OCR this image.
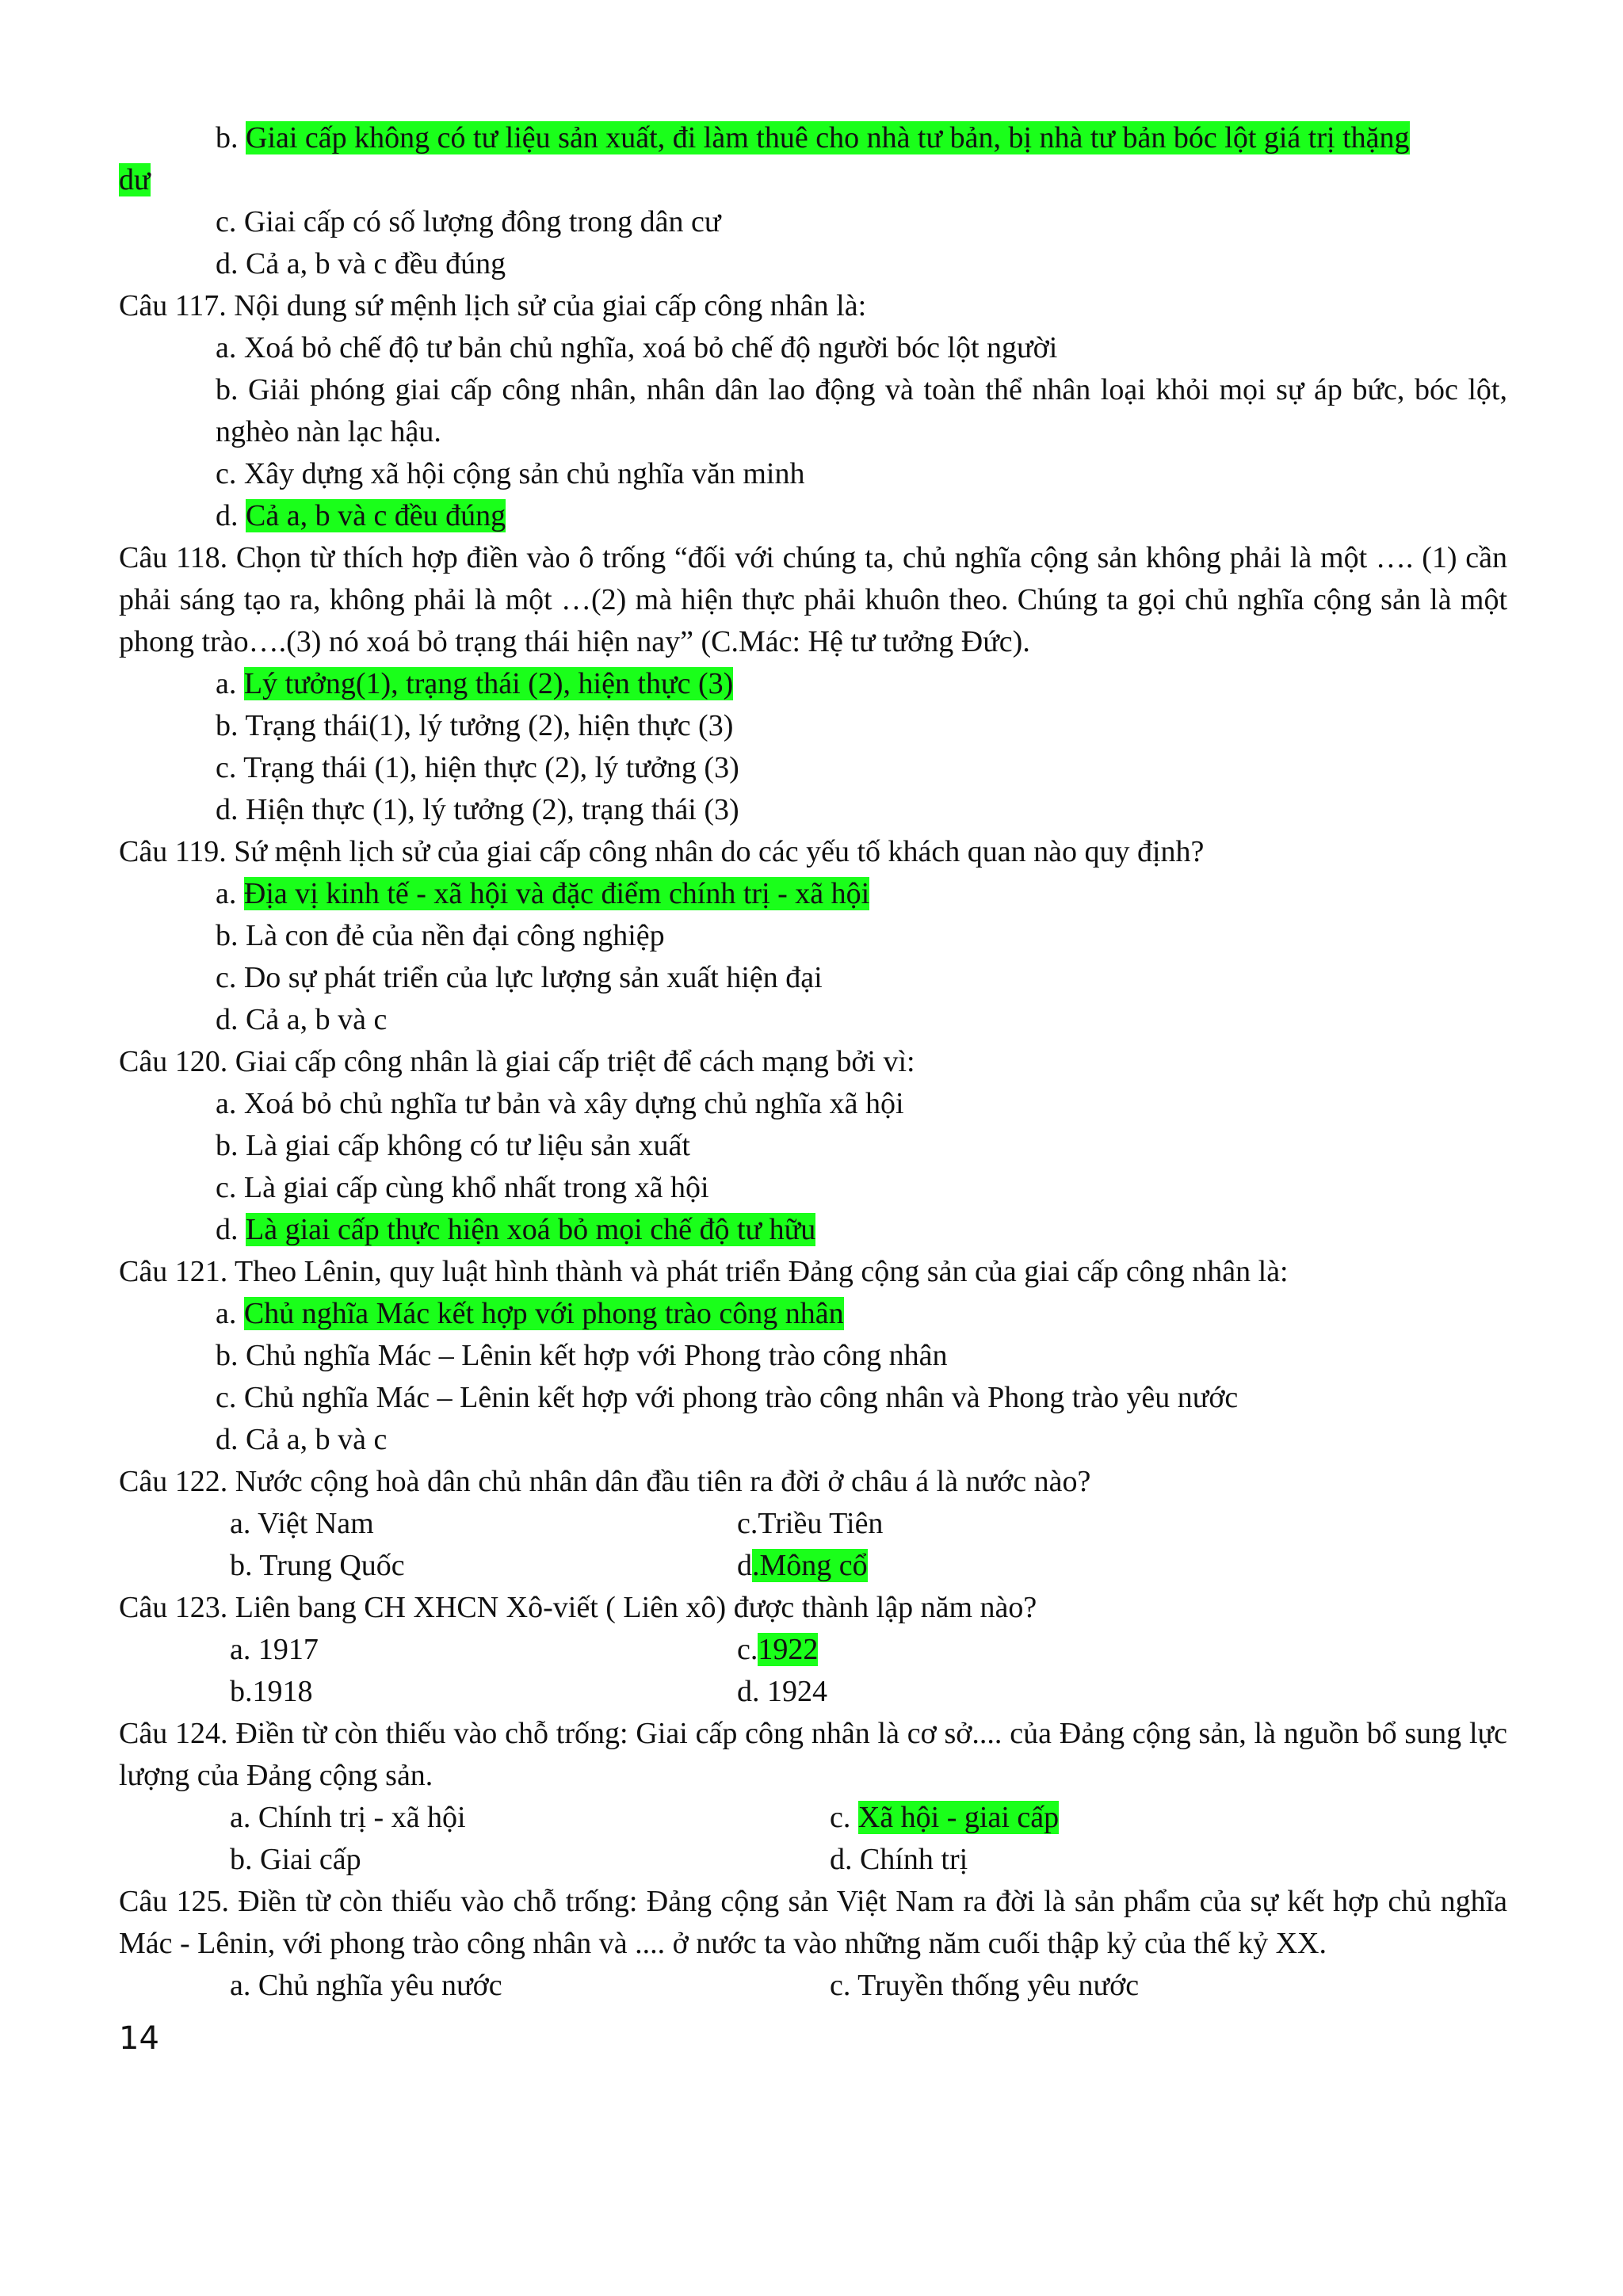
b. Giai cấp không có tư liệu sản xuất, đi làm thuê cho nhà tư bản, bị nhà tư bản bóc lột giá trị thặng
dư
c. Giai cấp có số lượng đông trong dân cư
d. Cả a, b và c đều đúng
Câu 117. Nội dung sứ mệnh lịch sử của giai cấp công nhân là:
a. Xoá bỏ chế độ tư bản chủ nghĩa, xoá bỏ chế độ người bóc lột người
b. Giải phóng giai cấp công nhân, nhân dân lao động và toàn thể nhân loại khỏi mọi sự áp bức, bóc lột, nghèo nàn lạc hậu.
c. Xây dựng xã hội cộng sản chủ nghĩa văn minh
d. Cả a, b và c đều đúng
Câu 118. Chọn từ thích hợp điền vào ô trống “đối với chúng ta, chủ nghĩa cộng sản không phải là một …. (1) cần phải sáng tạo ra, không phải là một …(2) mà hiện thực phải khuôn theo. Chúng ta gọi chủ nghĩa cộng sản là một phong trào….(3) nó xoá bỏ trạng thái hiện nay” (C.Mác: Hệ tư tưởng Đức).
a. Lý tưởng(1), trạng thái (2), hiện thực (3)
b. Trạng thái(1), lý tưởng (2), hiện thực (3)
c. Trạng thái (1), hiện thực (2), lý tưởng (3)
d. Hiện thực (1), lý tưởng (2), trạng thái (3)
Câu 119. Sứ mệnh lịch sử của giai cấp công nhân do các yếu tố khách quan nào quy định?
a. Địa vị kinh tế - xã hội và đặc điểm chính trị - xã hội
b. Là con đẻ của nền đại công nghiệp
c. Do sự phát triển của lực lượng sản xuất hiện đại
d. Cả a, b và c
Câu 120. Giai cấp công nhân là giai cấp triệt để cách mạng bởi vì:
a. Xoá bỏ chủ nghĩa tư bản và xây dựng chủ nghĩa xã hội
b. Là giai cấp không có tư liệu sản xuất
c. Là giai cấp cùng khổ nhất trong xã hội
d. Là giai cấp thực hiện xoá bỏ mọi chế độ tư hữu
Câu 121. Theo Lênin, quy luật hình thành và phát triển Đảng cộng sản của giai cấp công nhân là:
a. Chủ nghĩa Mác kết hợp với phong trào công nhân
b. Chủ nghĩa Mác – Lênin kết hợp với Phong trào công nhân
c. Chủ nghĩa Mác – Lênin kết hợp với phong trào công nhân và Phong trào yêu nước
d. Cả a, b và c
Câu 122. Nước cộng hoà dân chủ nhân dân đầu tiên ra đời ở châu á là nước nào?
a. Việt Nam	c.Triều Tiên
b. Trung Quốc	d.Mông cổ
Câu 123. Liên bang CH XHCN Xô-viết ( Liên xô) được thành lập năm nào?
a. 1917	c.1922
b.1918	d. 1924
Câu 124. Điền từ còn thiếu vào chỗ trống: Giai cấp công nhân là cơ sở.... của Đảng cộng sản, là nguồn bổ sung lực lượng của Đảng cộng sản.
a. Chính trị - xã hội	c. Xã hội - giai cấp
b. Giai cấp	d. Chính trị
Câu 125. Điền từ còn thiếu vào chỗ trống: Đảng cộng sản Việt Nam ra đời là sản phẩm của sự kết hợp chủ nghĩa Mác - Lênin, với phong trào công nhân và .... ở nước ta vào những năm cuối thập kỷ của thế kỷ XX.
a. Chủ nghĩa yêu nước	c. Truyền thống yêu nước
14
